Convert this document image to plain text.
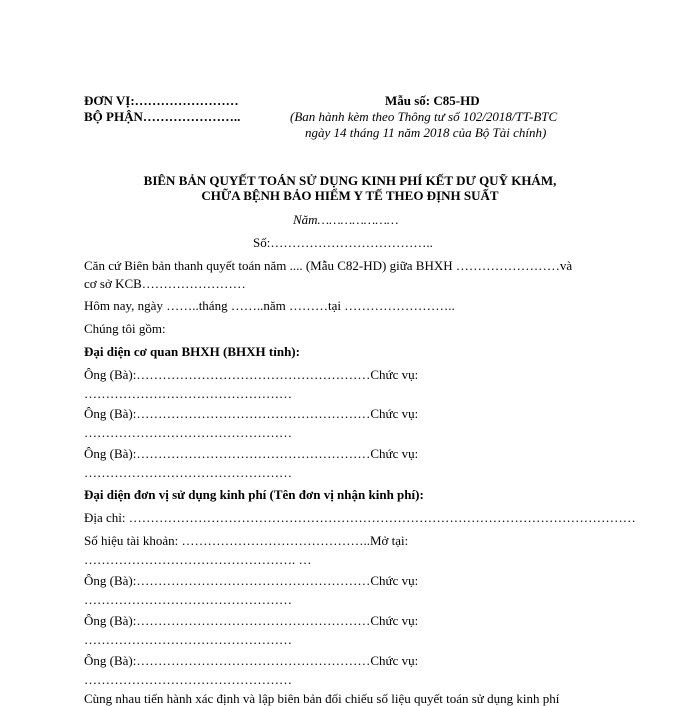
ĐƠN VỊ:……………………
BỘ PHẬN…………………..
Mẫu số: C85-HD
(Ban hành kèm theo Thông tư số 102/2018/TT-BTC
ngày 14 tháng 11 năm 2018 của Bộ Tài chính)
BIÊN BẢN QUYẾT TOÁN SỬ DỤNG KINH PHÍ KẾT DƯ QUỸ KHÁM,
CHỮA BỆNH BẢO HIỂM Y TẾ THEO ĐỊNH SUẤT
Năm…………………
Số:………………………………..
Căn cứ Biên bản thanh quyết toán năm .... (Mẫu C82-HD) giữa BHXH ……………………và
cơ sở KCB……………………
Hôm nay, ngày ……..tháng ……..năm ………tại ……………………..
Chúng tôi gồm:
Đại diện cơ quan BHXH (BHXH tỉnh):
Ông (Bà):………………………………………………Chức vụ:
…………………………………………
Ông (Bà):………………………………………………Chức vụ:
…………………………………………
Ông (Bà):………………………………………………Chức vụ:
…………………………………………
Đại diện đơn vị sử dụng kinh phí (Tên đơn vị nhận kinh phí):
Địa chỉ: ………………………………………………………………………………………………………
Số hiệu tài khoản: ……………………………………..Mở tại:
…………………………………………. …
Ông (Bà):………………………………………………Chức vụ:
…………………………………………
Ông (Bà):………………………………………………Chức vụ:
…………………………………………
Ông (Bà):………………………………………………Chức vụ:
…………………………………………
Cùng nhau tiến hành xác định và lập biên bản đối chiếu số liệu quyết toán sử dụng kinh phí
